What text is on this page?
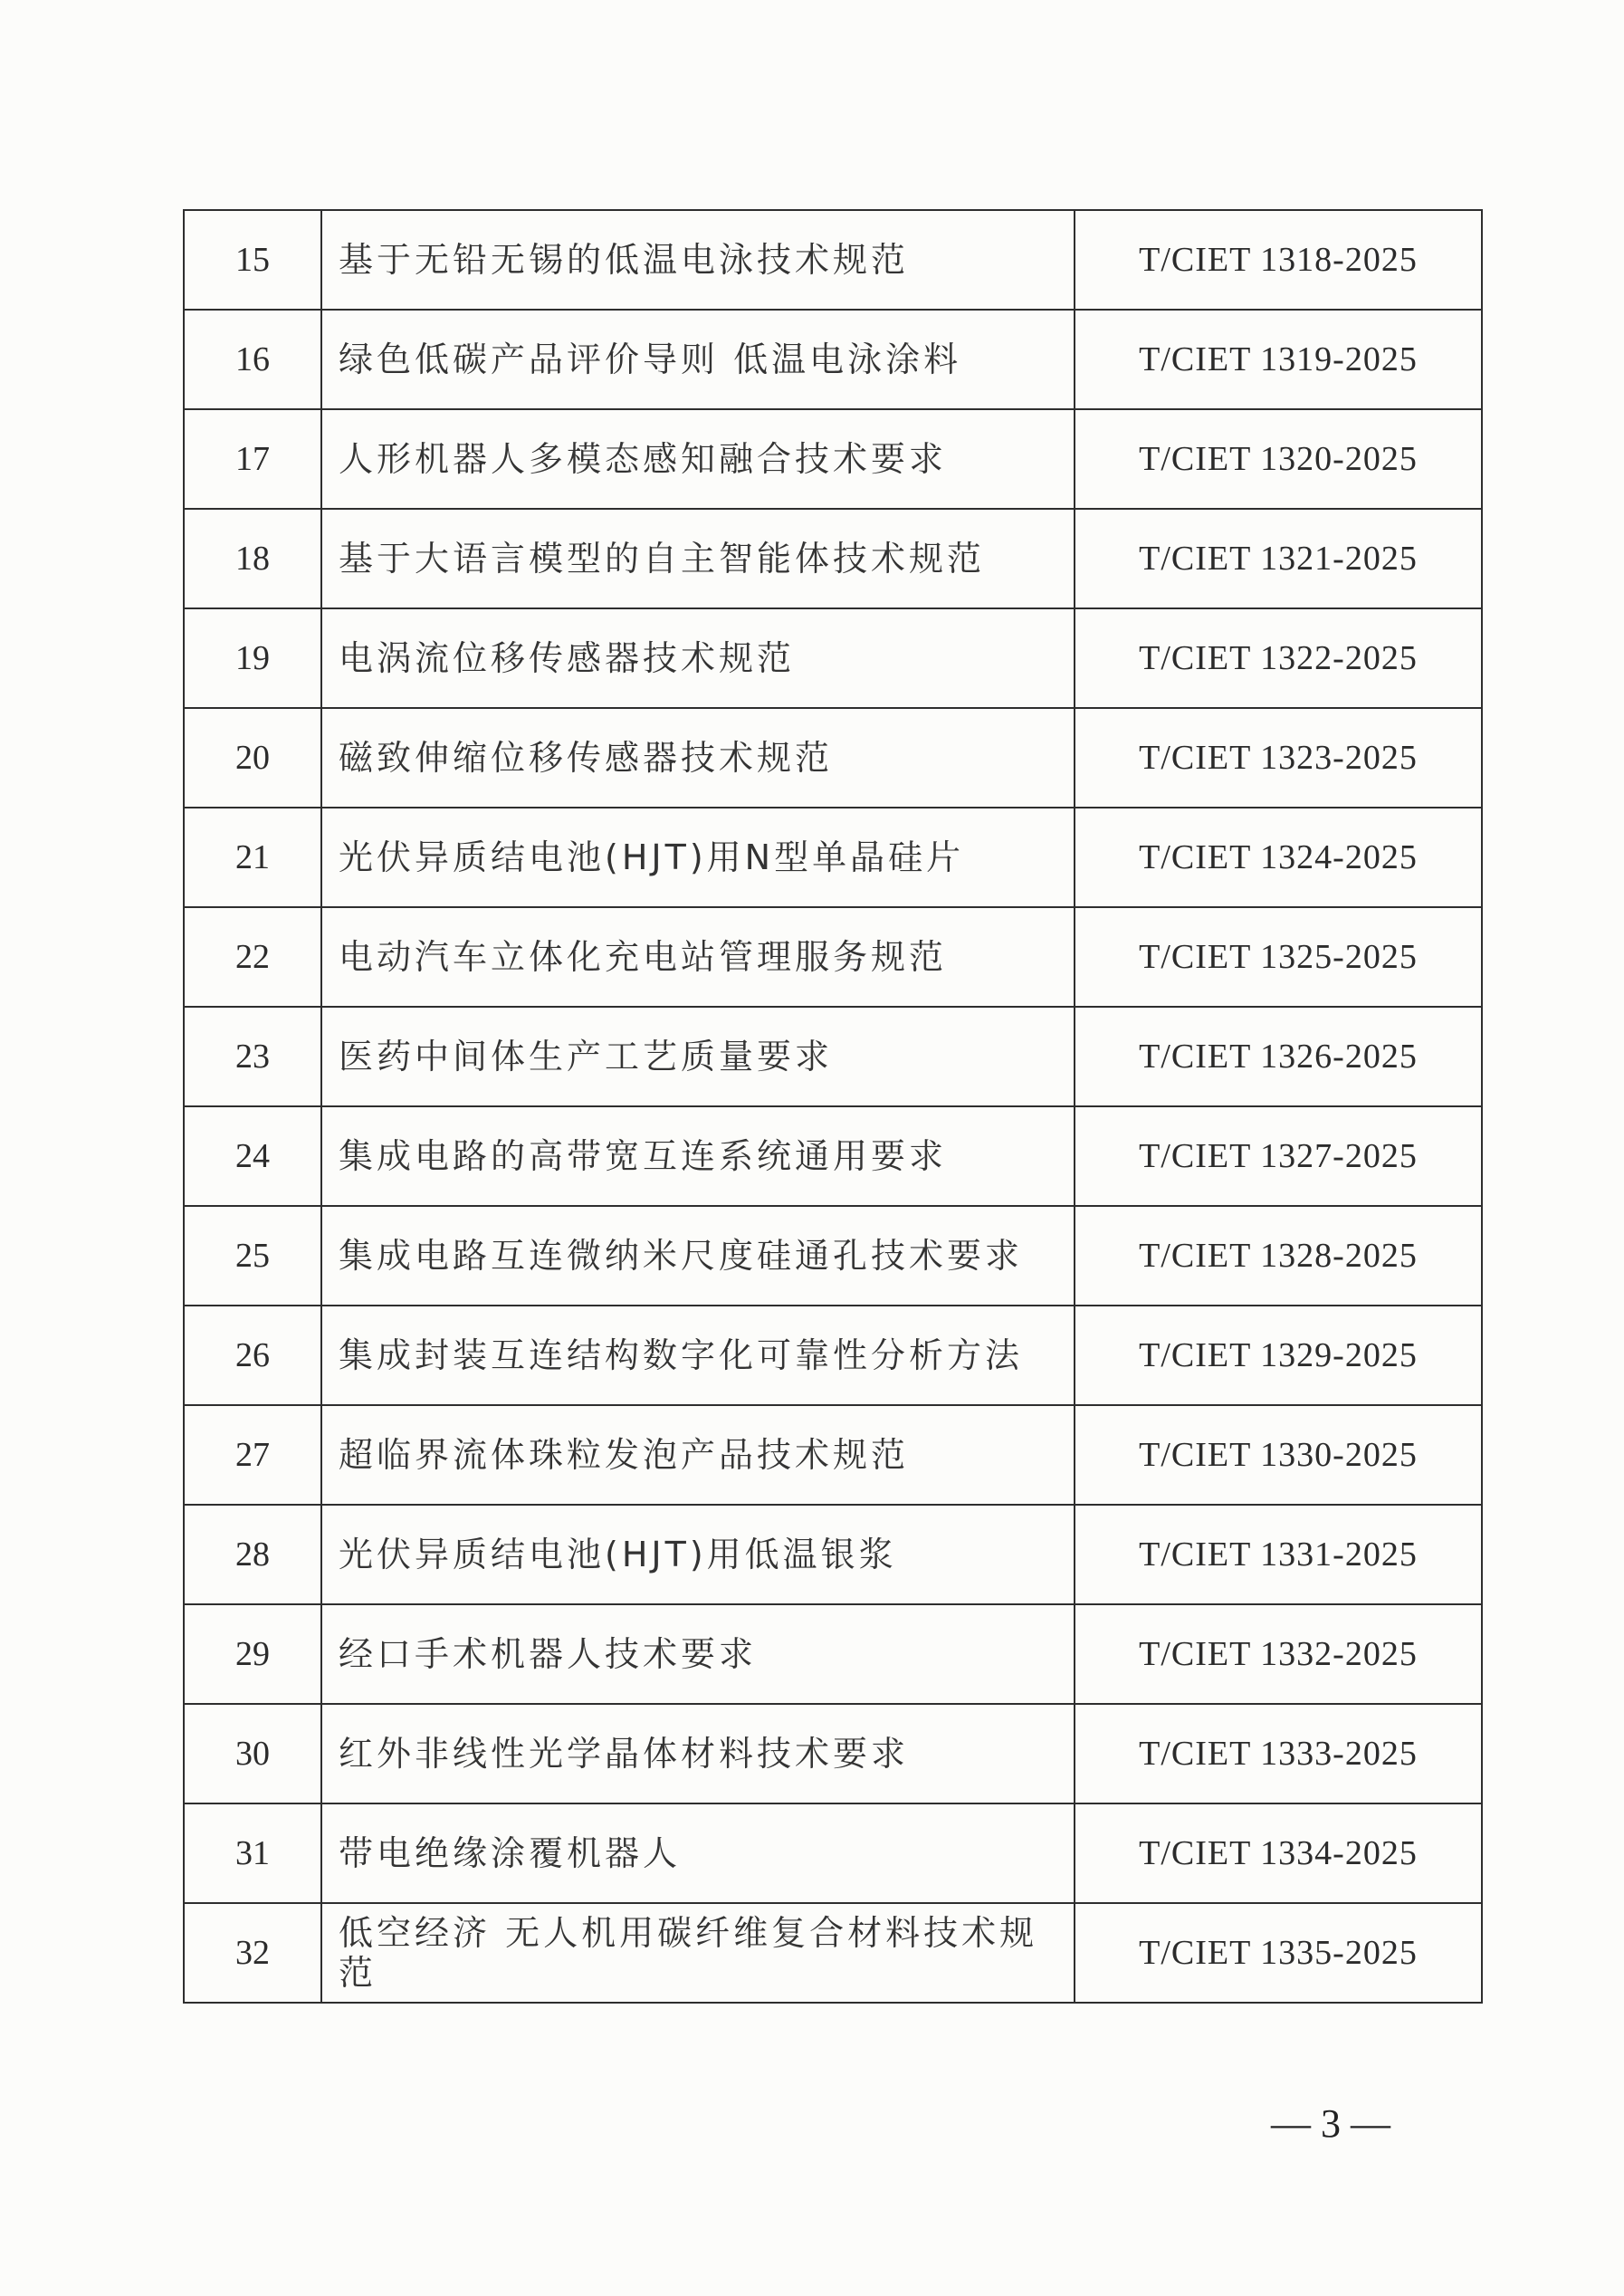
15	基于无铅无锡的低温电泳技术规范	T/CIET 1318-2025
16	绿色低碳产品评价导则 低温电泳涂料	T/CIET 1319-2025
17	人形机器人多模态感知融合技术要求	T/CIET 1320-2025
18	基于大语言模型的自主智能体技术规范	T/CIET 1321-2025
19	电涡流位移传感器技术规范	T/CIET 1322-2025
20	磁致伸缩位移传感器技术规范	T/CIET 1323-2025
21	光伏异质结电池(HJT)用N型单晶硅片	T/CIET 1324-2025
22	电动汽车立体化充电站管理服务规范	T/CIET 1325-2025
23	医药中间体生产工艺质量要求	T/CIET 1326-2025
24	集成电路的高带宽互连系统通用要求	T/CIET 1327-2025
25	集成电路互连微纳米尺度硅通孔技术要求	T/CIET 1328-2025
26	集成封装互连结构数字化可靠性分析方法	T/CIET 1329-2025
27	超临界流体珠粒发泡产品技术规范	T/CIET 1330-2025
28	光伏异质结电池(HJT)用低温银浆	T/CIET 1331-2025
29	经口手术机器人技术要求	T/CIET 1332-2025
30	红外非线性光学晶体材料技术要求	T/CIET 1333-2025
31	带电绝缘涂覆机器人	T/CIET 1334-2025
32	低空经济 无人机用碳纤维复合材料技术规范	T/CIET 1335-2025
— 3 —
